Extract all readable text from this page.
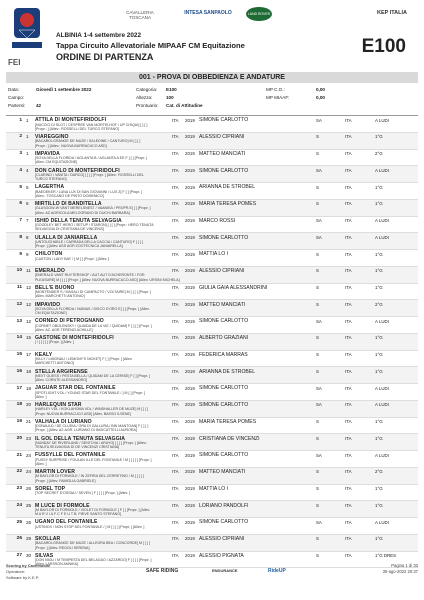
CAVALLERIA TOSCANA
INTESA SANPAOLO	LAND ROVER	KEP ITALIA
FEI
ALBINIA 1-4 settembre 2022
Tappa Circuito Allevatoriale MIPAAF CM Equitazione
ORDINE DI PARTENZA	E100
001 - PROVA DI OBBEDIENZA E ANDATURE
Data:	Giovedì 1 settembre 2022	Categoria: E100	MP C.O.:	0,00
Campo:	Altezza:	100	MP MIAAF:	0,00
Partenti: 42	Prontuario: Cat. di Attitudine
1 1 ATTILA DI MONTEFIRIDOLFI	ITA 2019 SIMONE CARLOTTO	SA	ITA	A LUDI
[NUCCIO DI SLOT / CESPREE VAN MORTELHOF / UP CHIQUI] [ ] [ ]
[Propr.: ] [Allev.: ROSSELLI DEL TURCO STEFANO]
2 1 VIAREGGINO	ITA 2019 ALESSIO CIPRIANI	S	ITA	1°G
[BACARDI-GRANGE DE MUZE / SALEDINE / CANTURO] M [ ] [ ]
[Propr.: ] [Allev.: NUOVA BURRACUCO ASD]
3 1 IMPAVIDA	ITA 2019 MATTEO MANCIATI	S	ITA	2°G
[SOYA DELLA FLORIDA / AGLANTA B / AGLANTA A EE.F ] [ ] [Propr. ]
[Allev. CM EQUITAZIONE]
4 4 DON CARLO DI MONTEFIRIDOLFI	ITA 2019 SIMONE CARLOTTO	SA	ITA	A LUDI
[CLARINO / VANITA / DARCO] [ ] [ ] [Propr. ] [Allev.: ROSSELLI DEL
TURCO STEFANO]
5 5 LAGERTHA	ITA 2019 ARIANNA DE STROBEL	S	ITA	1°G
[BAEDEKER / LUNA LUX DI SAN GIOVANNI / LUX Z] F [ ] [Propr. ]
[Allev.: TOSCANO DE PINTO DOMENICO]
6 6 MIRTILLO DI BANDITELLA	ITA 2019 MARIA TERESA POMES	S	ITA	1°G
[GLASGOW-W VANT MERELSNEST / VAANIKA / PROPR.E] [ ] [Propr. ]
[Allev. AZ.AGRICOLA MELOGRANO DI DUCHI BARBARA]
7 7 ISHID DELLA TENUTA SELVAGGIA	ITA 2019 MARCO ROSSI	SA	ITA	A LUDI
[GOODLEY BET HERO / SETUP / STARON] [ ] [ ] [Propr.: HERO TENUTA
SELVAGGIA DI CRISTIANA DE VINCENZI]
8 8 ULALLA DI JANIARELLA	ITA 2019 SIMONE CARLOTTO	SA	ITA	A LUDI
[UNTOUCHABLE / CARRADA DELLA CACCIA / CANTURO] F [ ] [ ]
[Propr. ] [Allev. ASS AGR ZOOTECNICA JANIARELLA]
9 9 CHILOTON	ITA 2019 MATTIA LO I	S	ITA	1°G
[CASTON / LADY BAY / ] M [ ] [Propr. ] [Allev. ]
10 11 EMERALDO	ITA 2019 ALESSIO CIPRIANI	S	ITA	1°G
[EMERALD VANT RUYTERSHOF / AUT AUT D'ACHERONTE / FOR
PLEASURE] M [ ] [ ] [Propr. ] [Allev. NUOVA BURRACUCO ASD] [Allev. URSINI MICHELA]
11 12 BELL'E BUONO	ITA 2019 GIULIA GAIA ALESSANDRINI	S	ITA	1°G
[MONTENDER S / MASALI DI CAMPACTO / VOLTAIRE] M [ ] [ ] [Propr. ]
[Allev. MARCHETTI ANTONIO]
12 12 IMPAVIDO	ITA 2019 MATTEO MANCIATI	S	ITA	2°G
[SOYA DELLA FLORIDA / NUBIAS / DISCO D'ORO E] [ ] [Propr. ] [Allev.
CM EQUITAZIONE]
13 12 CORNEO DI PETROGNANO	ITA 2019 SIMONE CARLOTTO	SA	ITA	A LUDI
[CORNET OBOLENSKY / QUAIDA DE LA VIE / QUIDAM] F [ ] [ ] [Propr. ]
[Allev. AZ. AGR.TERENZI ACHILLE]
14 15 GASTONE DI MONTEFIRIDOLFI	ITA 2019 ALBERTO GRAZIANI	S	ITA	1°G
[ / ] [ ] [ ] [Propr. ] [Allev. ]
15 17 KEALY	ITA 2019 FEDERICA MARRAS	S	ITA	1°G
[KILLY / LIMONAU / LEMONY'S NICKET] F [ ] [Propr. ] [Allev.
MARCHETTI ANTONIO]
16 18 STELLA ARGIRENSE	ITA 2019 ARIANNA DE STROBEL	S	ITA	1°G
[NEXT GUESS / PESTA BELLA / QUIDAM DE LA CERISE] F [ ] [Propr. ]
[Allev. CORNTE ALESSANDRO]
17 18 JAGUAR STAR DEL FONTANILE	ITA 2019 SIMONE CARLOTTO	SA	ITA	A LUDI
[SPOTLIGHT VOL / YOUNG STAR DEL FONTANILE / ] M [ ] [Propr. ]
[Allev. ]
18 20 HARLEQUIN STAR	ITA 2019 SIMONE CARLOTTO	SA	ITA	A LUDI
[HARLEY VDL / KOKLAHOMA VDL / WINDHALLER DE MUZE] M [ ] [ ]
[Propr. NUOVA BURRACUCO ASD] [Allev. BASSO ILSENE]
19 21 VALHALA DI LURIANO	ITA 2019 MARIA TERESA POMES	S	ITA	1°G
[DONAULD / DE CLUDIA / ORA DI GALLURA / BIN MANTOAN] F [ ] [ ]
[Propr. ] [Allev. AZ.AGR. LURIANO DI INGICATTELLI AURORA]
20 23 IL GOL DELLA TENUTA SELVAGGIA	ITA 2019 CRISTIANA DE VINCENZI	S	ITA	1°G
[NUNDAY DE RIVERLAND / SENTOVA / ARAYO] [ ] [ ] [Propr. ] [Allev.:
TENUTA SELVAGGIA DI DE VINCENZI CRISTIANA]
21 24 FUSSYLLE DEL FONTANILE	ITA 2019 SIMONE CARLOTTO	SA	ITA	A LUDI
[FUSSY SURPRISE / FOULAN ILLE DEL FONTANILE / M ] [ ] [ ] [Propr. ]
[Allev. ]
22 24 MARTIN LOVER	ITA 2019 MATTEO MANCIATI	S	ITA	2°G
[M BAYLOR DI FORMOLE / IN ZEFIRA DEL CERRETINO / M ] [ ] [ ]
[Propr. ] [Allev. FAMIGLIA GABRIELE]
23 26 SOREL TOP	ITA 2019 MATTIA LO I	S	ITA	1°G
[TOP SECRET D'OSSAU / SEVEN ] F [ ] [ ] [Propr. ] [Allev. ]
24 25 M LUCE DI FORMOLE	ITA 2019 LORIANO PANDOLFI	S	ITA	1°G
[M BAYLOR DI FORMOLE / VIOLET DI FORMOLE ] F [ ] [Propr. ] [Allev.
M A R V I A F C F E U T B. PIEVE SANTO STEFANO]
25 26 UGANO DEL FONTANILE	ITA 2019 SIMONE CARLOTTO	SA	ITA	A LUDI
[USTINOX / NON STOP DEL FONTANILE / ] M [ ] [ ] [Propr. ] [Allev. ]
26 29 SKOLLAR	ITA 2019 ALESSIO CIPRIANI	S	ITA	1°G
[BACARDI-GRANGE DE MUZE / ALLEGRA BEA / CONCORDE] M [ ] [ ]
[Propr. ] [Allev. REGOLI SERENA]
27 30 SILVAS	ITA 2019 ALESSIO PIGNATA	S	ITA	1°G DRES
[DON NIOU / M TEMPESTA DEL BELAGAO / AZZARDO] F [ ] [ ] [Propr. ]
[Allev. LARSSON ANNIKA]
Scoring by Cavemobile
Operatore:
Software by K.E.P.
SAFE RIDING	ENDURANCE	RideUP
Pagina 1 di 33
30-ago-2022 20:37
